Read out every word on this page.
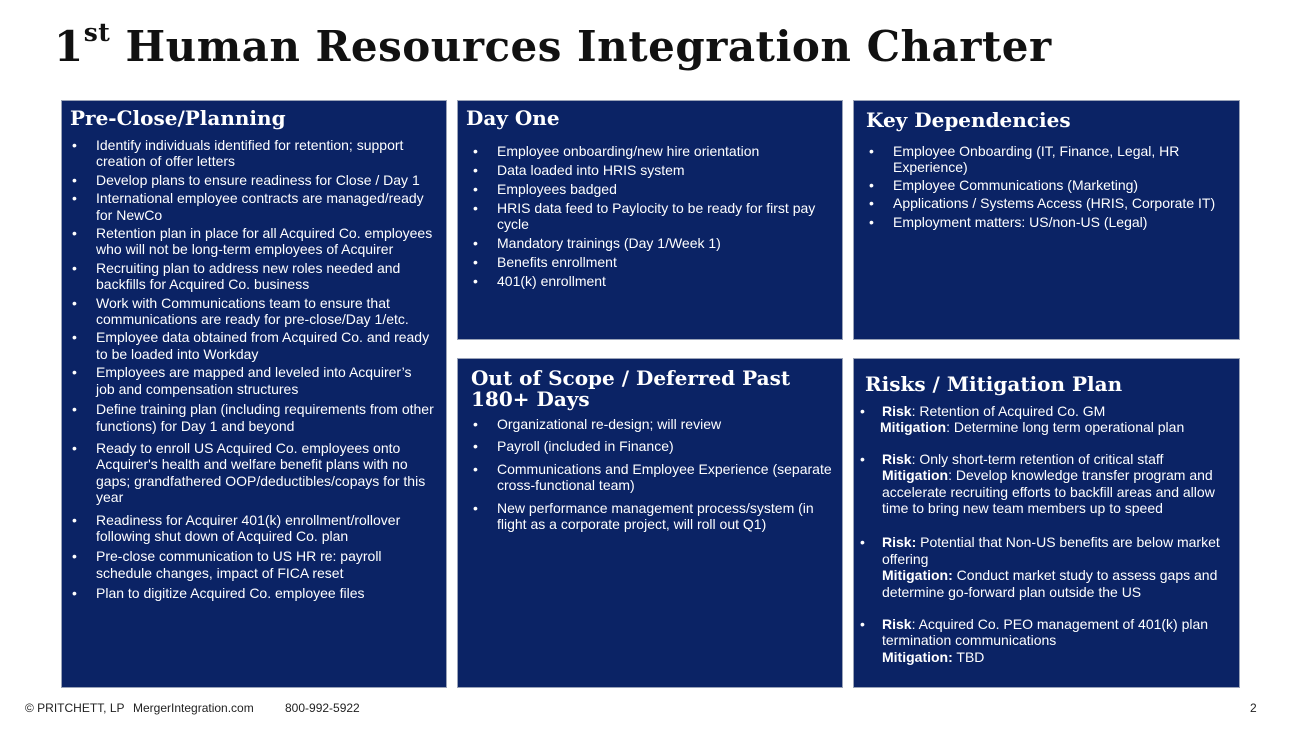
1st Human Resources Integration Charter
Pre-Close/Planning
• Identify individuals identified for retention; support creation of offer letters
• Develop plans to ensure readiness for Close / Day 1
• International employee contracts are managed/ready for NewCo
• Retention plan in place for all Acquired Co. employees who will not be long-term employees of Acquirer
• Recruiting plan to address new roles needed and backfills for Acquired Co. business
• Work with Communications team to ensure that communications are ready for pre-close/Day 1/etc.
• Employee data obtained from Acquired Co. and ready to be loaded into Workday
• Employees are mapped and leveled into Acquirer’s job and compensation structures
• Define training plan (including requirements from other functions) for Day 1 and beyond
• Ready to enroll US Acquired Co. employees onto Acquirer's health and welfare benefit plans with no gaps; grandfathered OOP/deductibles/copays for this year
• Readiness for Acquirer 401(k) enrollment/rollover following shut down of Acquired Co. plan
• Pre-close communication to US HR re: payroll schedule changes, impact of FICA reset
• Plan to digitize Acquired Co. employee files
Day One
• Employee onboarding/new hire orientation
• Data loaded into HRIS system
• Employees badged
• HRIS data feed to Paylocity to be ready for first pay cycle
• Mandatory trainings (Day 1/Week 1)
• Benefits enrollment
• 401(k) enrollment
Key Dependencies
• Employee Onboarding (IT, Finance, Legal, HR Experience)
• Employee Communications (Marketing)
• Applications / Systems Access (HRIS, Corporate IT)
• Employment matters: US/non-US (Legal)
Out of Scope / Deferred Past 180+ Days
• Organizational re-design; will review
• Payroll (included in Finance)
• Communications and Employee Experience (separate cross-functional team)
• New performance management process/system (in flight as a corporate project, will roll out Q1)
Risks / Mitigation Plan
• Risk: Retention of Acquired Co. GM
Mitigation: Determine long term operational plan
• Risk: Only short-term retention of critical staff
Mitigation: Develop knowledge transfer program and accelerate recruiting efforts to backfill areas and allow time to bring new team members up to speed
• Risk: Potential that Non-US benefits are below market offering
Mitigation: Conduct market study to assess gaps and determine go-forward plan outside the US
• Risk: Acquired Co. PEO management of 401(k) plan termination communications
Mitigation: TBD
© PRITCHETT, LP MergerIntegration.com	800-992-5922	2
